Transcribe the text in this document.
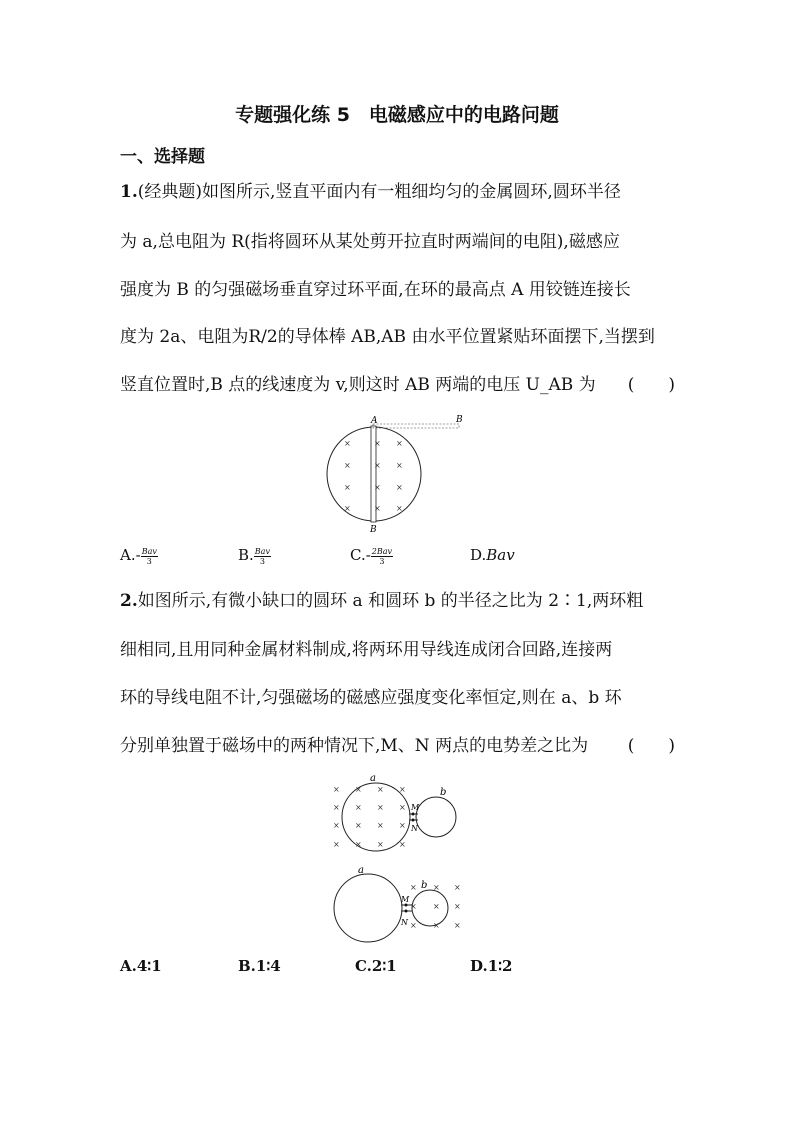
专题强化练 5　电磁感应中的电路问题
一、选择题
1.(经典题)如图所示,竖直平面内有一粗细均匀的金属圆环,圆环半径
为 a,总电阻为 R(指将圆环从某处剪开拉直时两端间的电阻),磁感应
强度为 B 的匀强磁场垂直穿过环平面,在环的最高点 A 用铰链连接长
度为 2a、电阻为R/2的导体棒 AB,AB 由水平位置紧贴环面摆下,当摆到
竖直位置时,B 点的线速度为 v,则这时 AB 两端的电压 U_AB 为 (　　)
A	B
B
×	×
×
×	×
×
×	×
×
×	×
×
$A.- \frac{\text{Bav}}{3}$	B. $\frac{\text{Bav}}{3}$	$C.- \frac{\text{2Bav}}{3}$	D.Bav
2.如图所示,有微小缺口的圆环 a 和圆环 b 的半径之比为 2∶1,两环粗
细相同,且用同种金属材料制成,将两环用导线连成闭合回路,连接两
环的导线电阻不计,匀强磁场的磁感应强度变化率恒定,则在 a、b 环
分别单独置于磁场中的两种情况下,M、N 两点的电势差之比为 (　　)
a
b
M
N
× × × ×
× × × ×
× × × ×
× × × ×
a
b
M
N
× × ×
× × ×
× × ×
A.4∶1	B.1∶4	C.2∶1	D.1∶2
